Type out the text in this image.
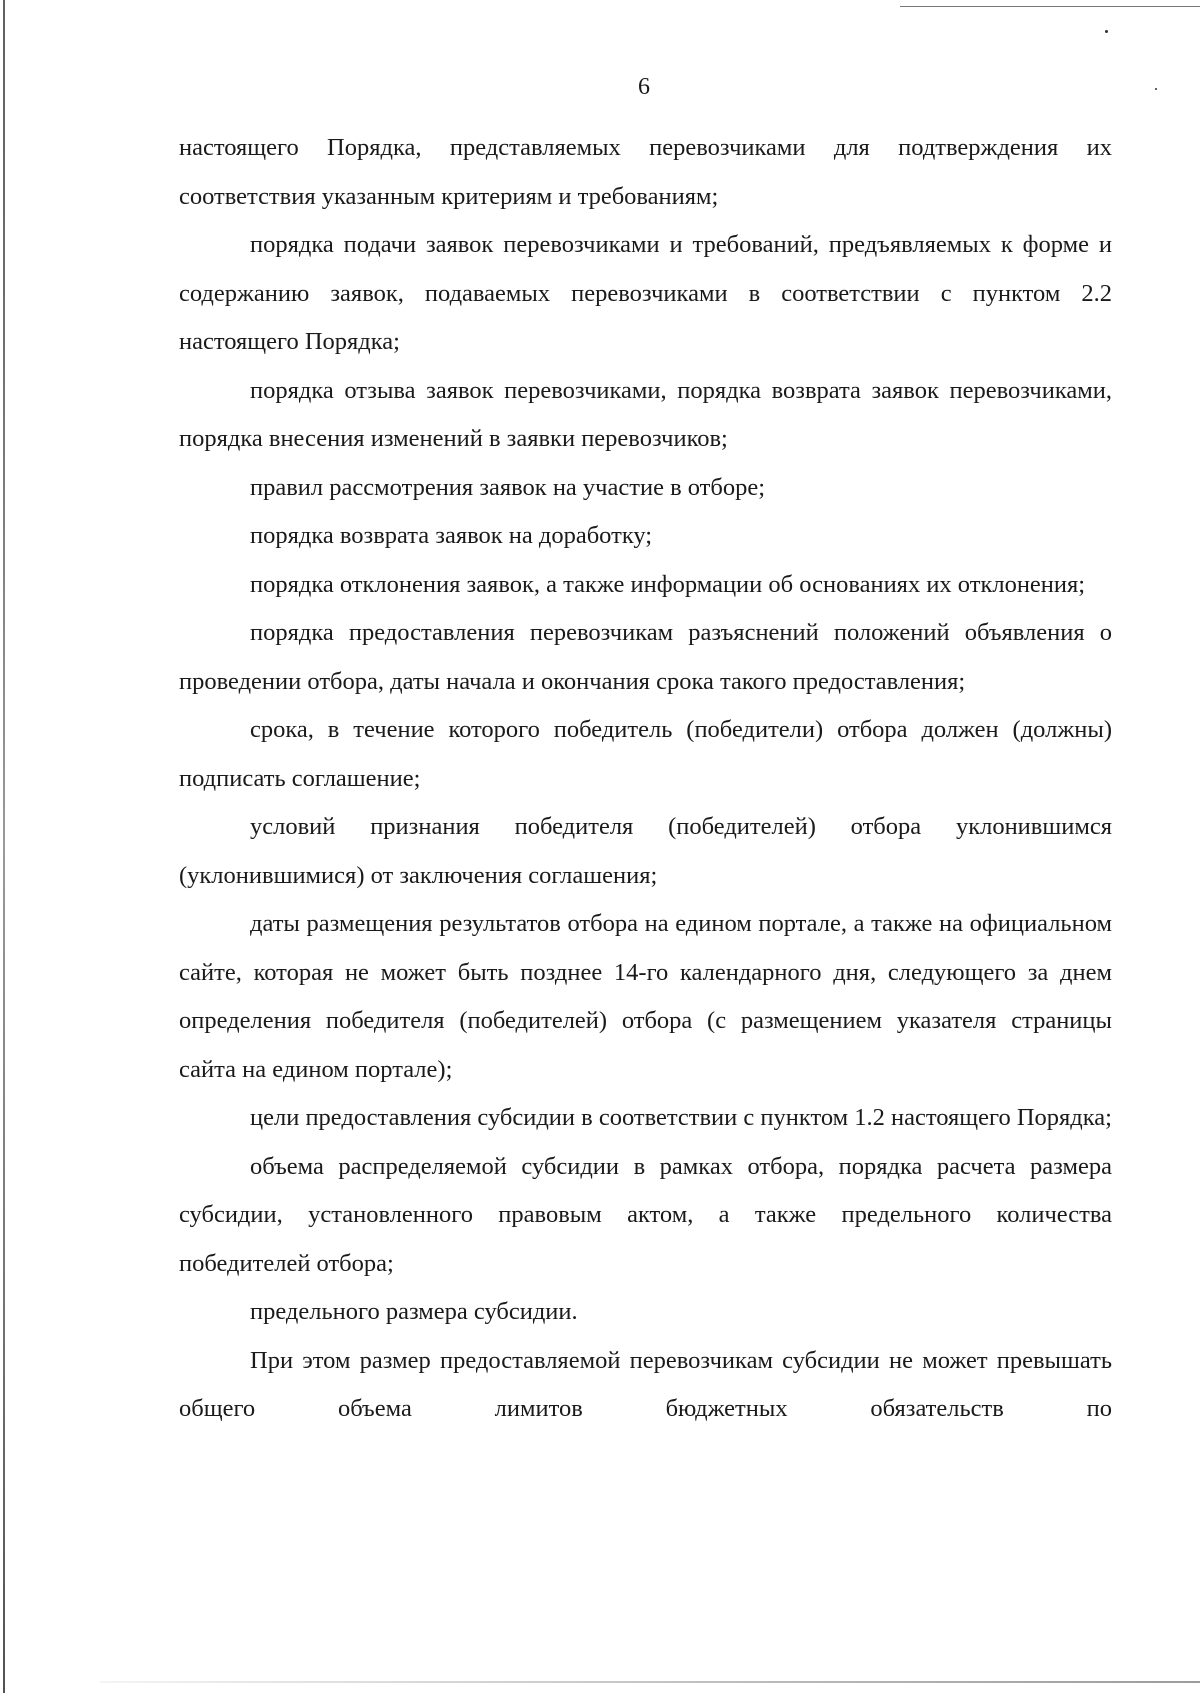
6

настоящего Порядка, представляемых перевозчиками для подтверждения их соответствия указанным критериям и требованиям;

порядка подачи заявок перевозчиками и требований, предъявляемых к форме и содержанию заявок, подаваемых перевозчиками в соответствии с пунктом 2.2 настоящего Порядка;

порядка отзыва заявок перевозчиками, порядка возврата заявок перевозчиками, порядка внесения изменений в заявки перевозчиков;

правил рассмотрения заявок на участие в отборе;

порядка возврата заявок на доработку;

порядка отклонения заявок, а также информации об основаниях их отклонения;

порядка предоставления перевозчикам разъяснений положений объявления о проведении отбора, даты начала и окончания срока такого предоставления;

срока, в течение которого победитель (победители) отбора должен (должны) подписать соглашение;

условий признания победителя (победителей) отбора уклонившимся (уклонившимися) от заключения соглашения;

даты размещения результатов отбора на едином портале, а также на официальном сайте, которая не может быть позднее 14-го календарного дня, следующего за днем определения победителя (победителей) отбора (с размещением указателя страницы сайта на едином портале);

цели предоставления субсидии в соответствии с пунктом 1.2 настоящего Порядка;

объема распределяемой субсидии в рамках отбора, порядка расчета размера субсидии, установленного правовым актом, а также предельного количества победителей отбора;

предельного размера субсидии.

При этом размер предоставляемой перевозчикам субсидии не может превышать общего объема лимитов бюджетных обязательств по
